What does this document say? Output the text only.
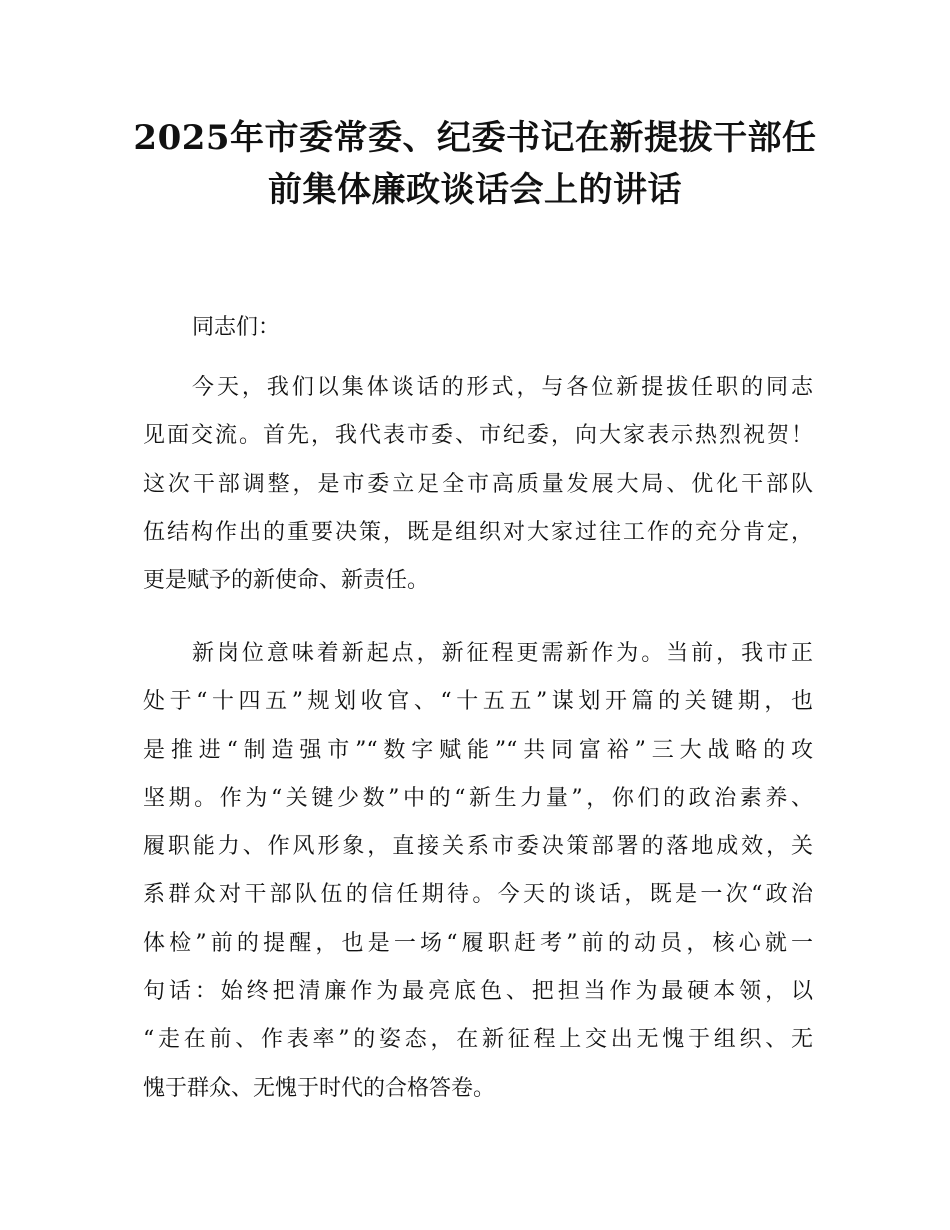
2025年市委常委、纪委书记在新提拔干部任
前集体廉政谈话会上的讲话
同志们：
今天，我们以集体谈话的形式，与各位新提拔任职的同志
见面交流。首先，我代表市委、市纪委，向大家表示热烈祝贺！
这次干部调整，是市委立足全市高质量发展大局、优化干部队
伍结构作出的重要决策，既是组织对大家过往工作的充分肯定，
更是赋予的新使命、新责任。
新岗位意味着新起点，新征程更需新作为。当前，我市正
处于“十四五”规划收官、“十五五”谋划开篇的关键期，也
是推进“制造强市”“数字赋能”“共同富裕”三大战略的攻
坚期。作为“关键少数”中的“新生力量”，你们的政治素养、
履职能力、作风形象，直接关系市委决策部署的落地成效，关
系群众对干部队伍的信任期待。今天的谈话，既是一次“政治
体检”前的提醒，也是一场“履职赶考”前的动员，核心就一
句话：始终把清廉作为最亮底色、把担当作为最硬本领，以
“走在前、作表率”的姿态，在新征程上交出无愧于组织、无
愧于群众、无愧于时代的合格答卷。
